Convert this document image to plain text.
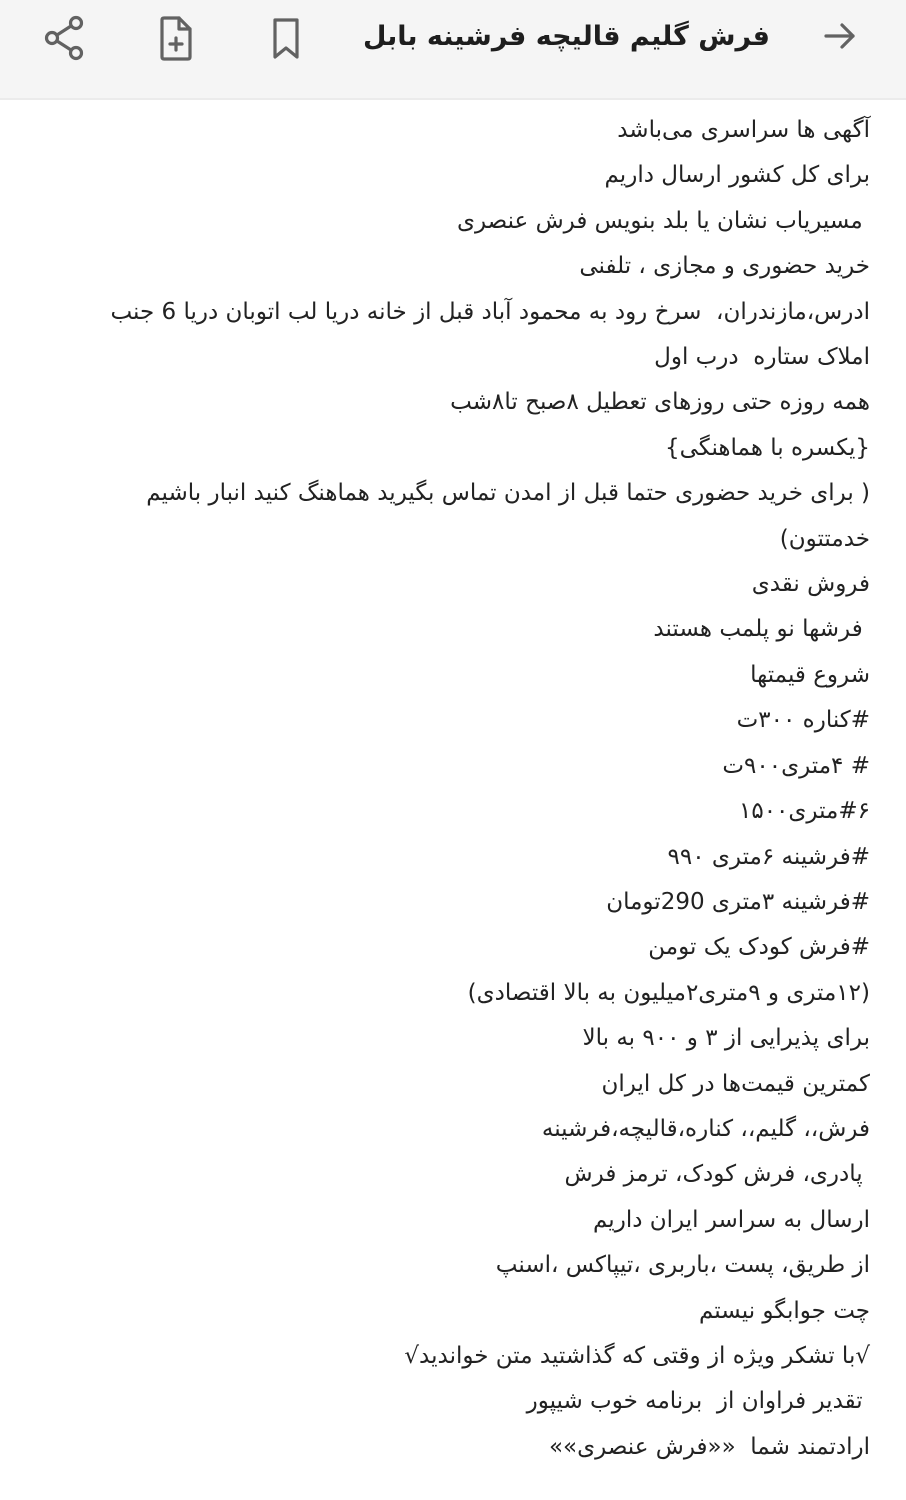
فرش گلیم قالیچه فرشینه بابل
آگهی ها سراسری می‌باشد
برای کل کشور ارسال داریم
مسیریاب نشان یا بلد بنویس فرش عنصری
خرید حضوری و مجازی ، تلفنی
ادرس،مازندران،  سرخ رود به محمود آباد قبل از خانه دریا لب اتوبان دریا 6 جنب
املاک ستاره  درب اول
همه روزه حتی روزهای تعطیل ۸صبح تا۸شب
{یکسره با هماهنگی}
( برای خرید حضوری حتما قبل از امدن تماس بگیرید هماهنگ کنید انبار باشیم
خدمتتون)
فروش نقدی
فرشها نو پلمب هستند
شروع قیمتها
#کناره ۳۰۰ت
# ۴متری۹۰۰ت
#۶متری۱۵۰۰
#فرشینه ۶متری ۹۹۰
#فرشینه ۳متری 290تومان
#فرش کودک یک تومن
(۱۲متری و ۹متری۲میلیون به بالا اقتصادی)
برای پذیرایی از ۳ و ۹۰۰ به بالا
کمترین قیمت‌ها در کل ایران
فرش،، گلیم،، کناره،قالیچه،فرشینه
پادری، فرش کودک، ترمز فرش
ارسال به سراسر ایران داریم
از طریق، پست ،باربری ،تیپاکس ،اسنپ
چت جوابگو نیستم
√با تشکر ویژه از وقتی که گذاشتید متن خواندید√
تقدیر فراوان از  برنامه خوب شیپور
ارادتمند شما  ««فرش عنصری»»
